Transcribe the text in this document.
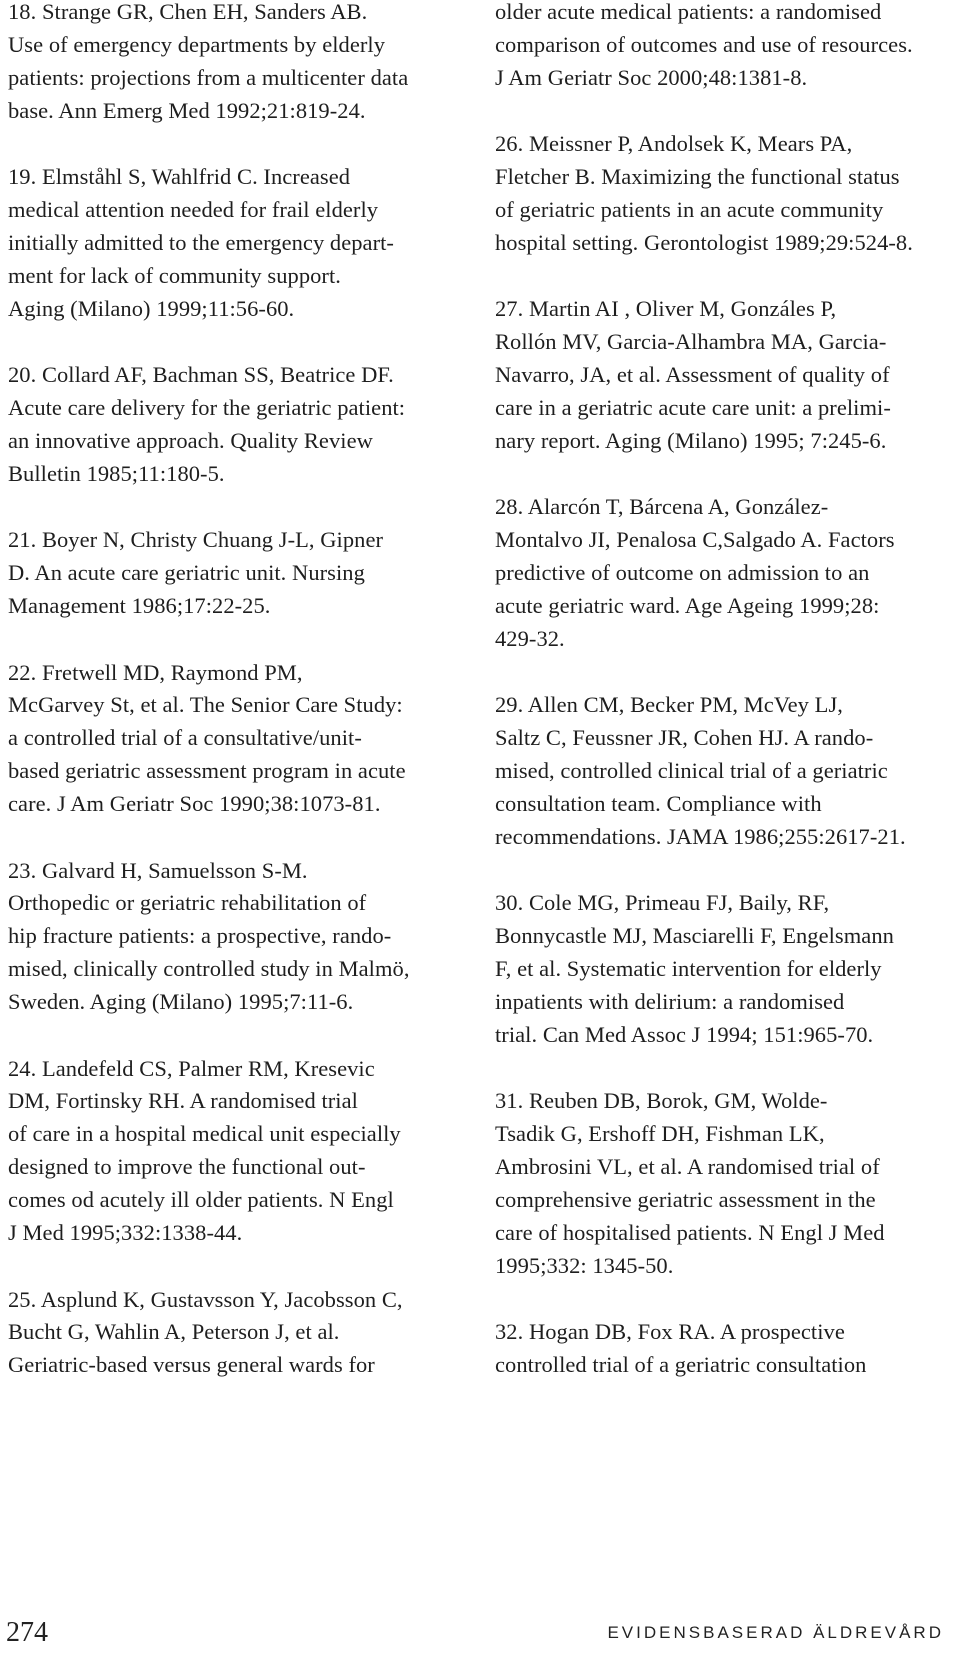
18. Strange GR, Chen EH, Sanders AB.
Use of emergency departments by elderly
patients: projections from a multicenter data
base. Ann Emerg Med 1992;21:819-24.
19. Elmståhl S, Wahlfrid C. Increased
medical attention needed for frail elderly
initially admitted to the emergency depart-
ment for lack of community support.
Aging (Milano) 1999;11:56-60.
20. Collard AF, Bachman SS, Beatrice DF.
Acute care delivery for the geriatric patient:
an innovative approach. Quality Review
Bulletin 1985;11:180-5.
21. Boyer N, Christy Chuang J-L, Gipner
D. An acute care geriatric unit. Nursing
Management 1986;17:22-25.
22. Fretwell MD, Raymond PM,
McGarvey St, et al. The Senior Care Study:
a controlled trial of a consultative/unit-
based geriatric assessment program in acute
care. J Am Geriatr Soc 1990;38:1073-81.
23. Galvard H, Samuelsson S-M.
Orthopedic or geriatric rehabilitation of
hip fracture patients: a prospective, rando-
mised, clinically controlled study in Malmö,
Sweden. Aging (Milano) 1995;7:11-6.
24. Landefeld CS, Palmer RM, Kresevic
DM, Fortinsky RH. A randomised trial
of care in a hospital medical unit especially
designed to improve the functional out-
comes od acutely ill older patients. N Engl
J Med 1995;332:1338-44.
25. Asplund K, Gustavsson Y, Jacobsson C,
Bucht G, Wahlin A, Peterson J, et al.
Geriatric-based versus general wards for
older acute medical patients: a randomised
comparison of outcomes and use of resources.
J Am Geriatr Soc 2000;48:1381-8.
26. Meissner P, Andolsek K, Mears PA,
Fletcher B. Maximizing the functional status
of geriatric patients in an acute community
hospital setting. Gerontologist 1989;29:524-8.
27. Martin AI , Oliver M, Gonzáles P,
Rollón MV, Garcia-Alhambra MA, Garcia-
Navarro, JA, et al. Assessment of quality of
care in a geriatric acute care unit: a prelimi-
nary report. Aging (Milano) 1995; 7:245-6.
28. Alarcón T, Bárcena A, González-
Montalvo JI, Penalosa C,Salgado A. Factors
predictive of outcome on admission to an
acute geriatric ward. Age Ageing 1999;28:
429-32.
29. Allen CM, Becker PM, McVey LJ,
Saltz C, Feussner JR, Cohen HJ. A rando-
mised, controlled clinical trial of a geriatric
consultation team. Compliance with
recommendations. JAMA 1986;255:2617-21.
30. Cole MG, Primeau FJ, Baily, RF,
Bonnycastle MJ, Masciarelli F, Engelsmann
F, et al. Systematic intervention for elderly
inpatients with delirium: a randomised
trial. Can Med Assoc J 1994; 151:965-70.
31. Reuben DB, Borok, GM, Wolde-
Tsadik G, Ershoff DH, Fishman LK,
Ambrosini VL, et al. A randomised trial of
comprehensive geriatric assessment in the
care of hospitalised patients. N Engl J Med
1995;332: 1345-50.
32. Hogan DB, Fox RA. A prospective
controlled trial of a geriatric consultation
274	EVIDENSBASERAD ÄLDREVÅRD
